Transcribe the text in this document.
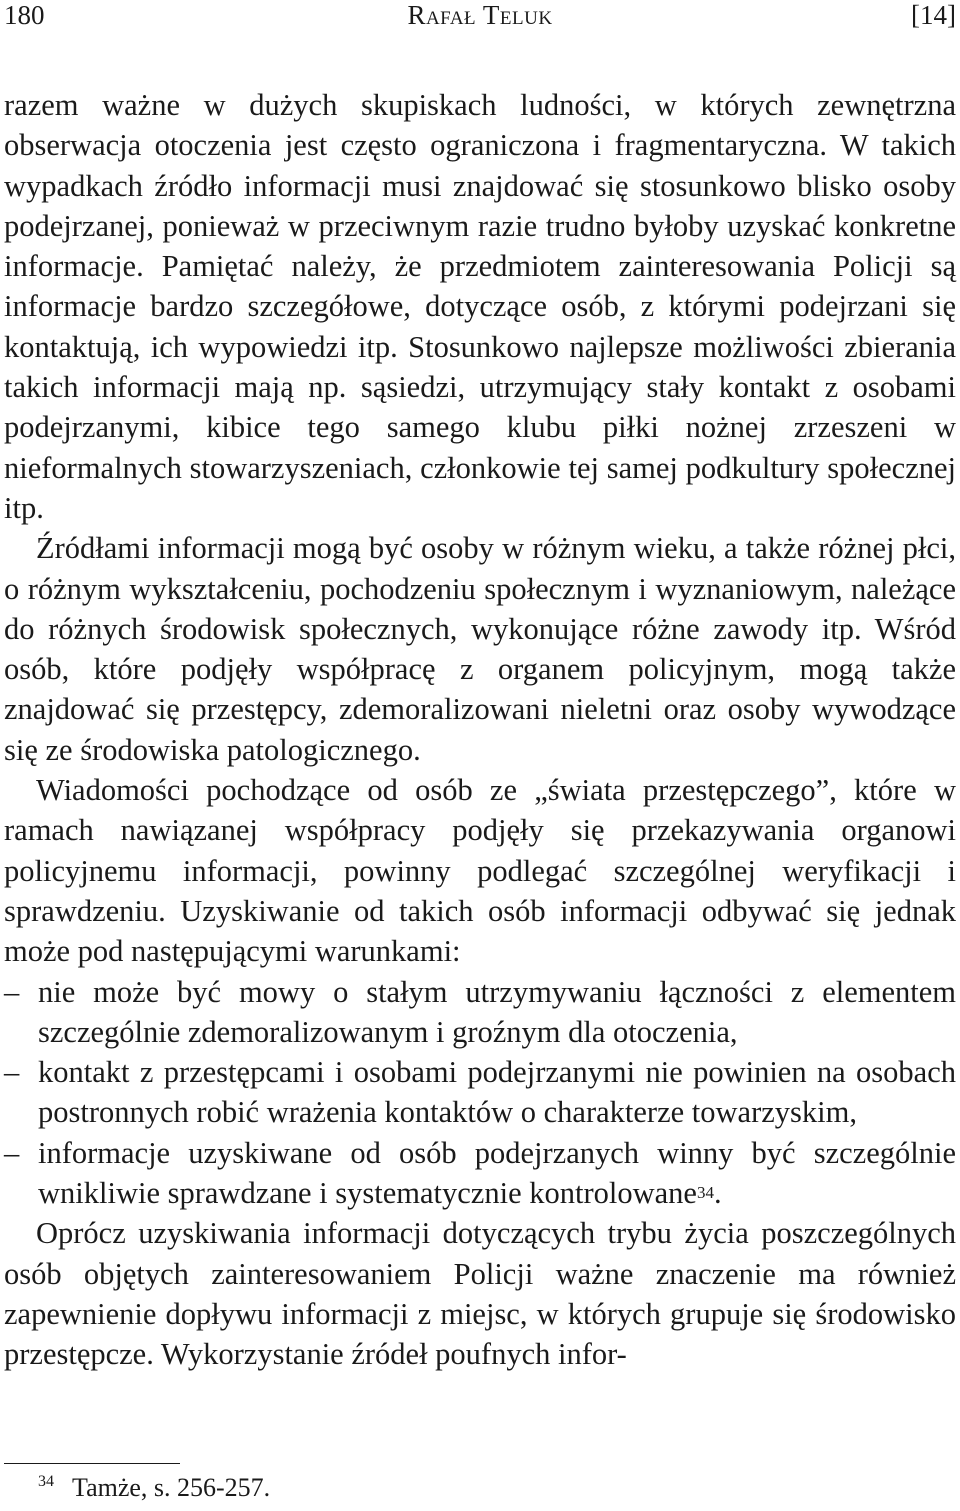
180	Rafał Teluk	[14]

razem ważne w dużych skupiskach ludności, w których zewnętrzna obserwacja otoczenia jest często ograniczona i fragmentaryczna. W takich wypadkach źródło informacji musi znajdować się stosunkowo blisko osoby podejrzanej, ponieważ w przeciwnym razie trudno byłoby uzyskać konkretne informacje. Pamiętać należy, że przedmiotem zainteresowania Policji są informacje bardzo szczegółowe, dotyczące osób, z którymi podejrzani się kontaktują, ich wypowiedzi itp. Stosunkowo najlepsze możliwości zbierania takich informacji mają np. sąsiedzi, utrzymujący stały kontakt z osobami podejrzanymi, kibice tego samego klubu piłki nożnej zrzeszeni w nieformalnych stowarzyszeniach, członkowie tej samej podkultury społecznej itp.

Źródłami informacji mogą być osoby w różnym wieku, a także różnej płci, o różnym wykształceniu, pochodzeniu społecznym i wyznaniowym, należące do różnych środowisk społecznych, wykonujące różne zawody itp. Wśród osób, które podjęły współpracę z organem policyjnym, mogą także znajdować się przestępcy, zdemoralizowani nieletni oraz osoby wywodzące się ze środowiska patologicznego.

Wiadomości pochodzące od osób ze „świata przestępczego”, które w ramach nawiązanej współpracy podjęły się przekazywania organowi policyjnemu informacji, powinny podlegać szczególnej weryfikacji i sprawdzeniu. Uzyskiwanie od takich osób informacji odbywać się jednak może pod następującymi warunkami:

– nie może być mowy o stałym utrzymywaniu łączności z elementem szczególnie zdemoralizowanym i groźnym dla otoczenia,
– kontakt z przestępcami i osobami podejrzanymi nie powinien na osobach postronnych robić wrażenia kontaktów o charakterze towarzyskim,
– informacje uzyskiwane od osób podejrzanych winny być szczególnie wnikliwie sprawdzane i systematycznie kontrolowane$^{34}$.

Oprócz uzyskiwania informacji dotyczących trybu życia poszczególnych osób objętych zainteresowaniem Policji ważne znaczenie ma również zapewnienie dopływu informacji z miejsc, w których grupuje się środowisko przestępcze. Wykorzystanie źródeł poufnych infor-

$^{34}$ Tamże, s. 256-257.
